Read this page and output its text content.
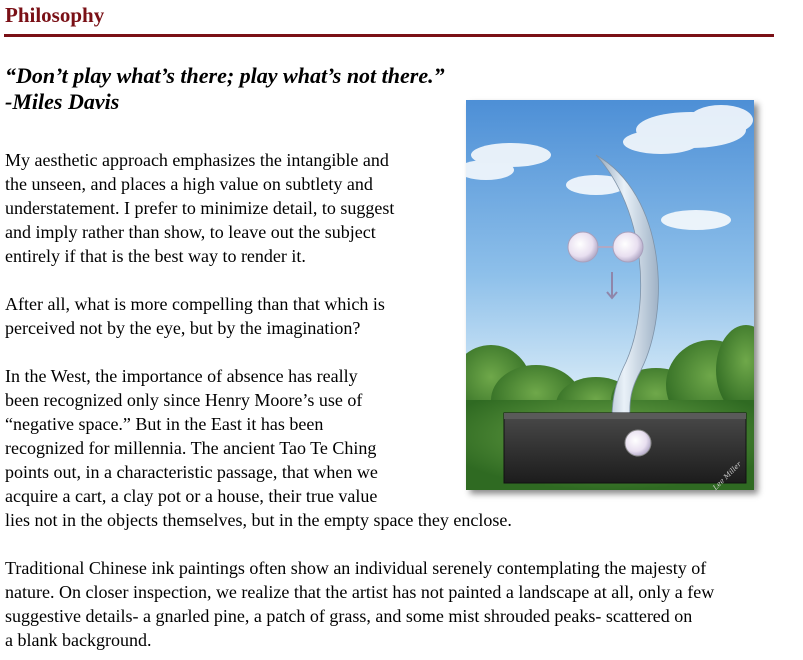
Philosophy

“Don’t play what’s there; play what’s not there.”
-Miles Davis

Lee Miller

My aesthetic approach emphasizes the intangible and
the unseen, and places a high value on subtlety and
understatement. I prefer to minimize detail, to suggest
and imply rather than show, to leave out the subject
entirely if that is the best way to render it.

After all, what is more compelling than that which is
perceived not by the eye, but by the imagination?

In the West, the importance of absence has really
been recognized only since Henry Moore’s use of
“negative space.” But in the East it has been
recognized for millennia. The ancient Tao Te Ching
points out, in a characteristic passage, that when we
acquire a cart, a clay pot or a house, their true value
lies not in the objects themselves, but in the empty space they enclose.

Traditional Chinese ink paintings often show an individual serenely contemplating the majesty of
nature. On closer inspection, we realize that the artist has not painted a landscape at all, only a few
suggestive details- a gnarled pine, a patch of grass, and some mist shrouded peaks- scattered on
a blank background.
